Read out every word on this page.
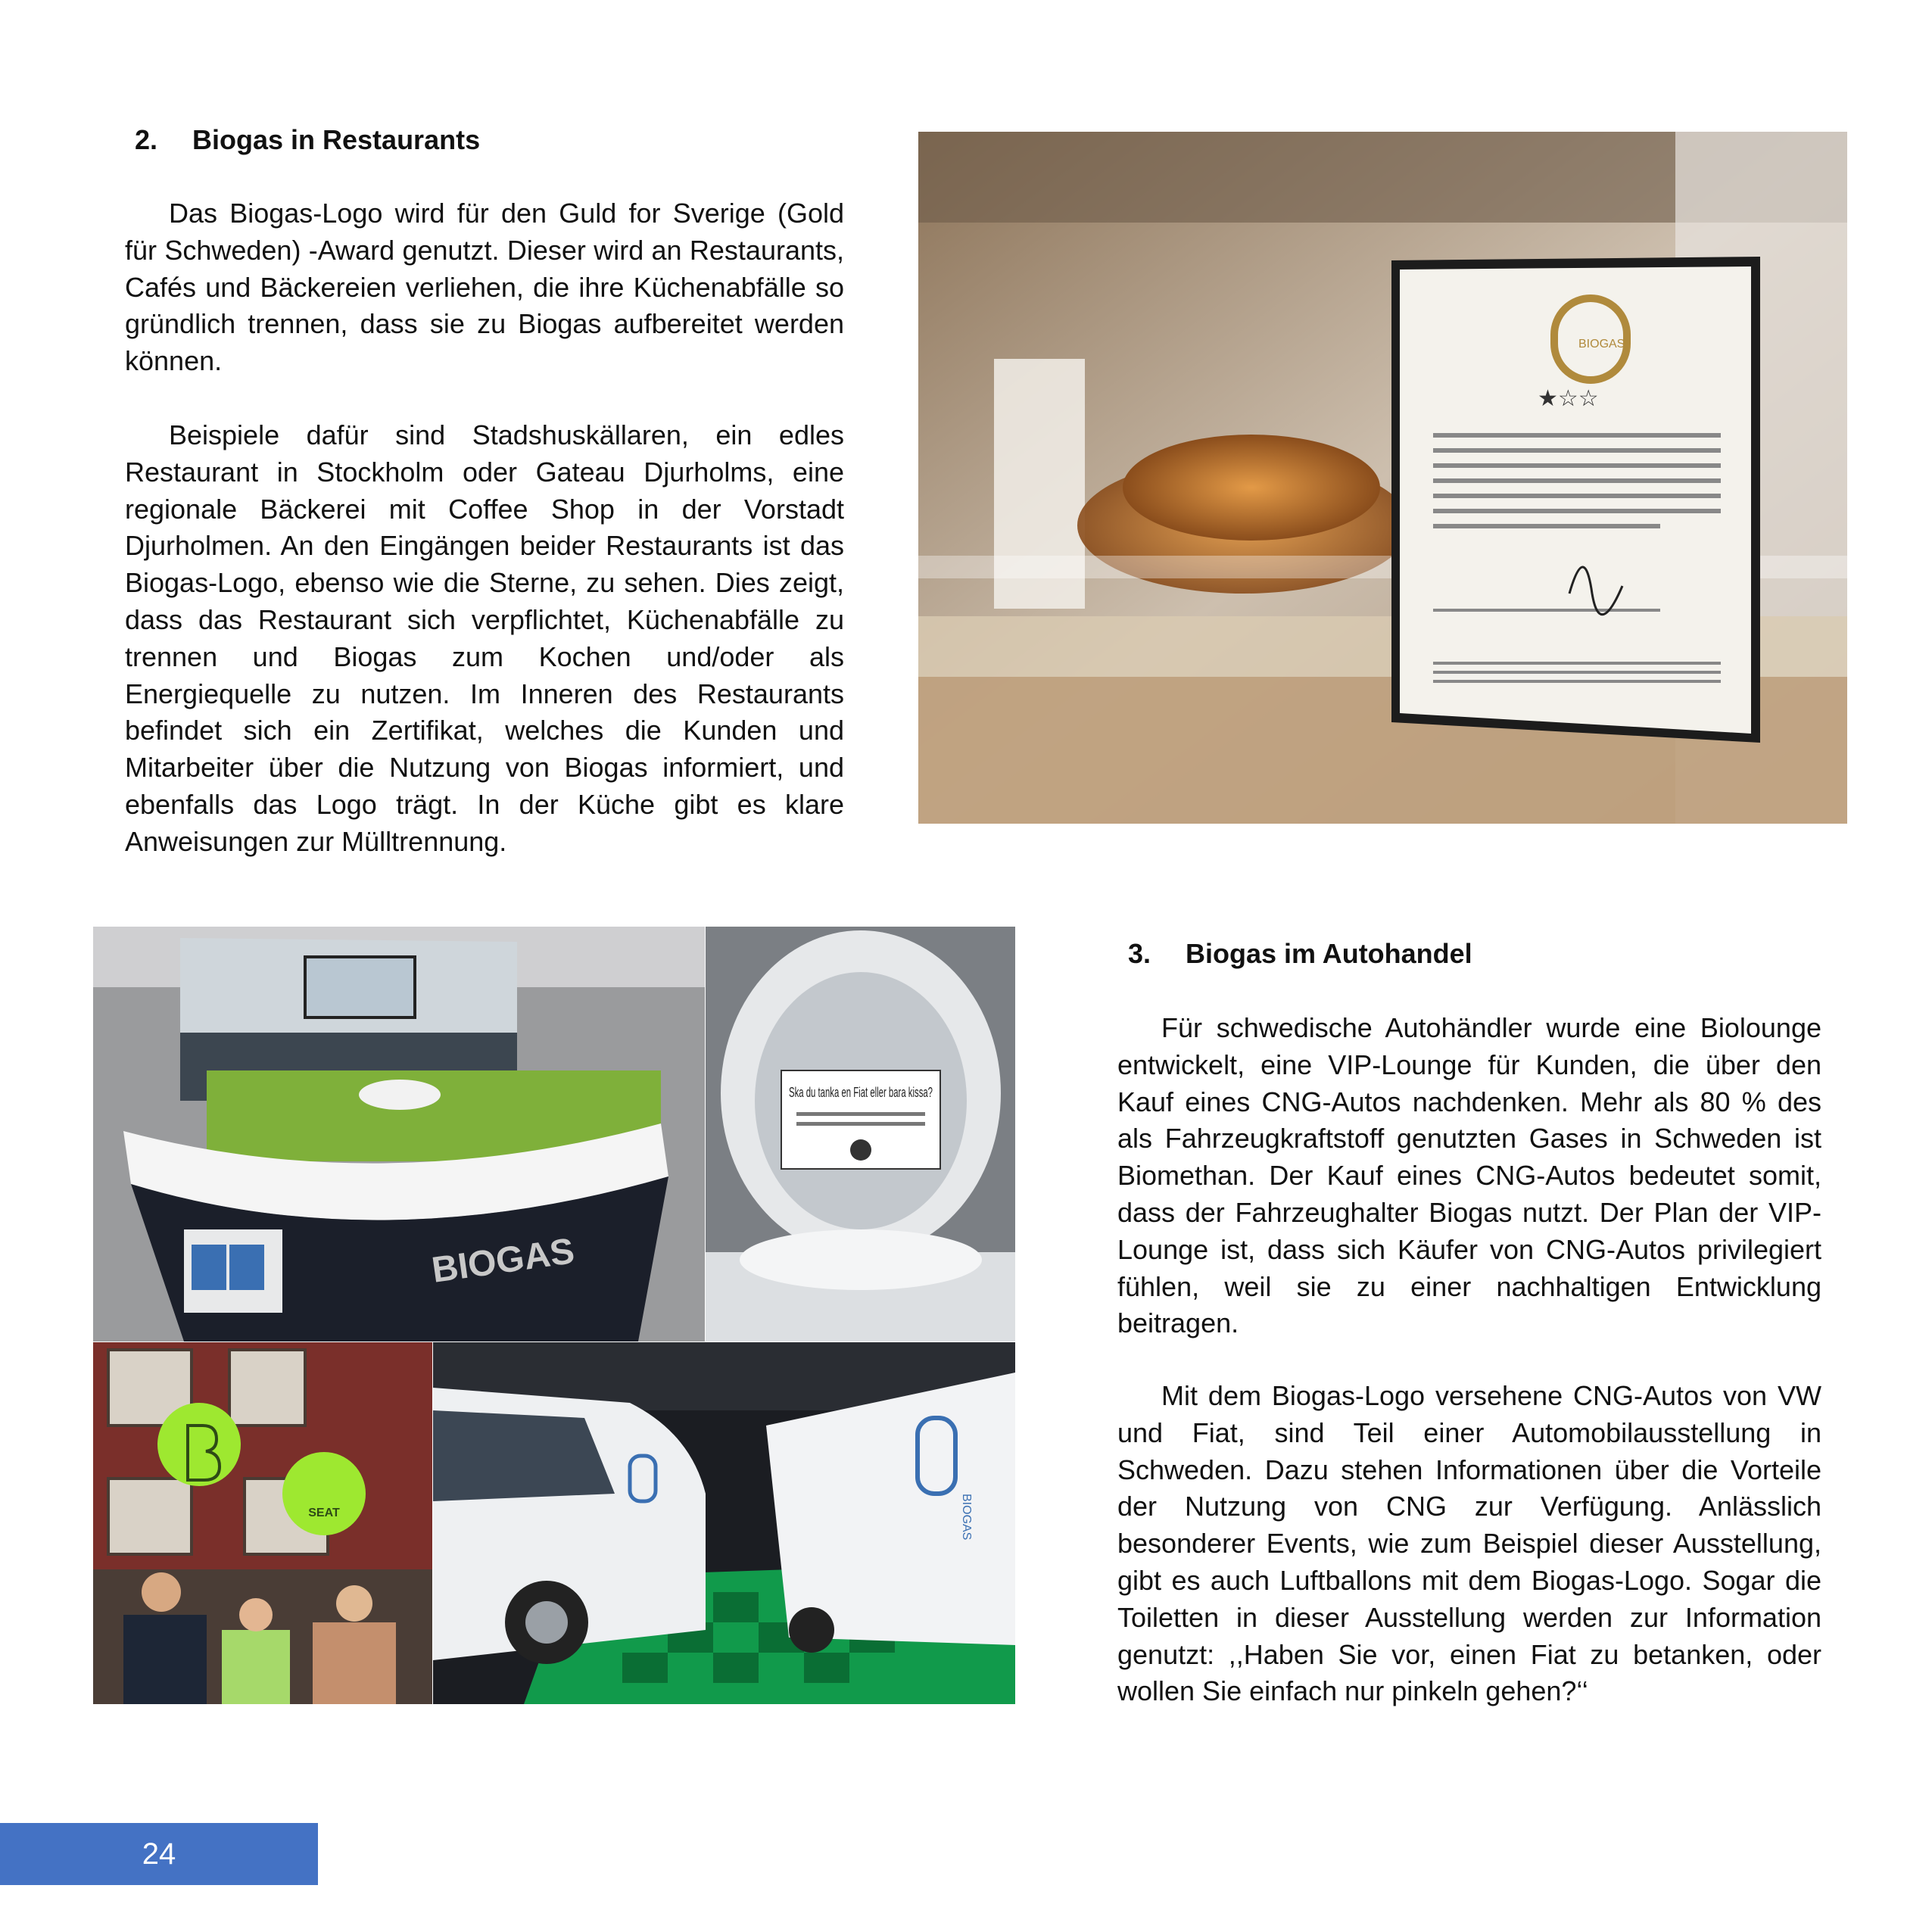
2. Biogas in Restaurants

Das Biogas-Logo wird für den Guld for Sverige (Gold für Schweden) -Award genutzt. Dieser wird an Restaurants, Cafés und Bäckereien verliehen, die ihre Küchenabfälle so gründlich trennen, dass sie zu Biogas aufbereitet werden können.

Beispiele dafür sind Stadshuskällaren, ein edles Restaurant in Stockholm oder Gateau Djurholms, eine regionale Bäckerei mit Coffee Shop in der Vorstadt Djurholmen. An den Eingängen beider Restaurants ist das Biogas-Logo, ebenso wie die Sterne, zu sehen. Dies zeigt, dass das Restaurant sich verpflichtet, Küchenabfälle zu trennen und Biogas zum Kochen und/oder als Energiequelle zu nutzen. Im Inneren des Restaurants befindet sich ein Zertifikat, welches die Kunden und Mitarbeiter über die Nutzung von Biogas informiert, und ebenfalls das Logo trägt. In der Küche gibt es klare Anweisungen zur Mülltrennung.

BIOGAS
★☆☆
BIOGAS
Ska du tanka en Fiat eller bara kissa?
SEAT	BIOGAS
3. Biogas im Autohandel

Für schwedische Autohändler wurde eine Biolounge entwickelt, eine VIP-Lounge für Kunden, die über den Kauf eines CNG-Autos nachdenken. Mehr als 80 % des als Fahrzeugkraftstoff genutzten Gases in Schweden ist Biomethan. Der Kauf eines CNG-Autos bedeutet somit, dass der Fahrzeughalter Biogas nutzt. Der Plan der VIP-Lounge ist, dass sich Käufer von CNG-Autos privilegiert fühlen, weil sie zu einer nachhaltigen Entwicklung beitragen.

Mit dem Biogas-Logo versehene CNG-Autos von VW und Fiat, sind Teil einer Automobilausstellung in Schweden. Dazu stehen Informationen über die Vorteile der Nutzung von CNG zur Verfügung. Anlässlich besonderer Events, wie zum Beispiel dieser Ausstellung, gibt es auch Luftballons mit dem Biogas-Logo. Sogar die Toiletten in dieser Ausstellung werden zur Information genutzt: ,,Haben Sie vor, einen Fiat zu betanken, oder wollen Sie einfach nur pinkeln gehen?‘‘

24
